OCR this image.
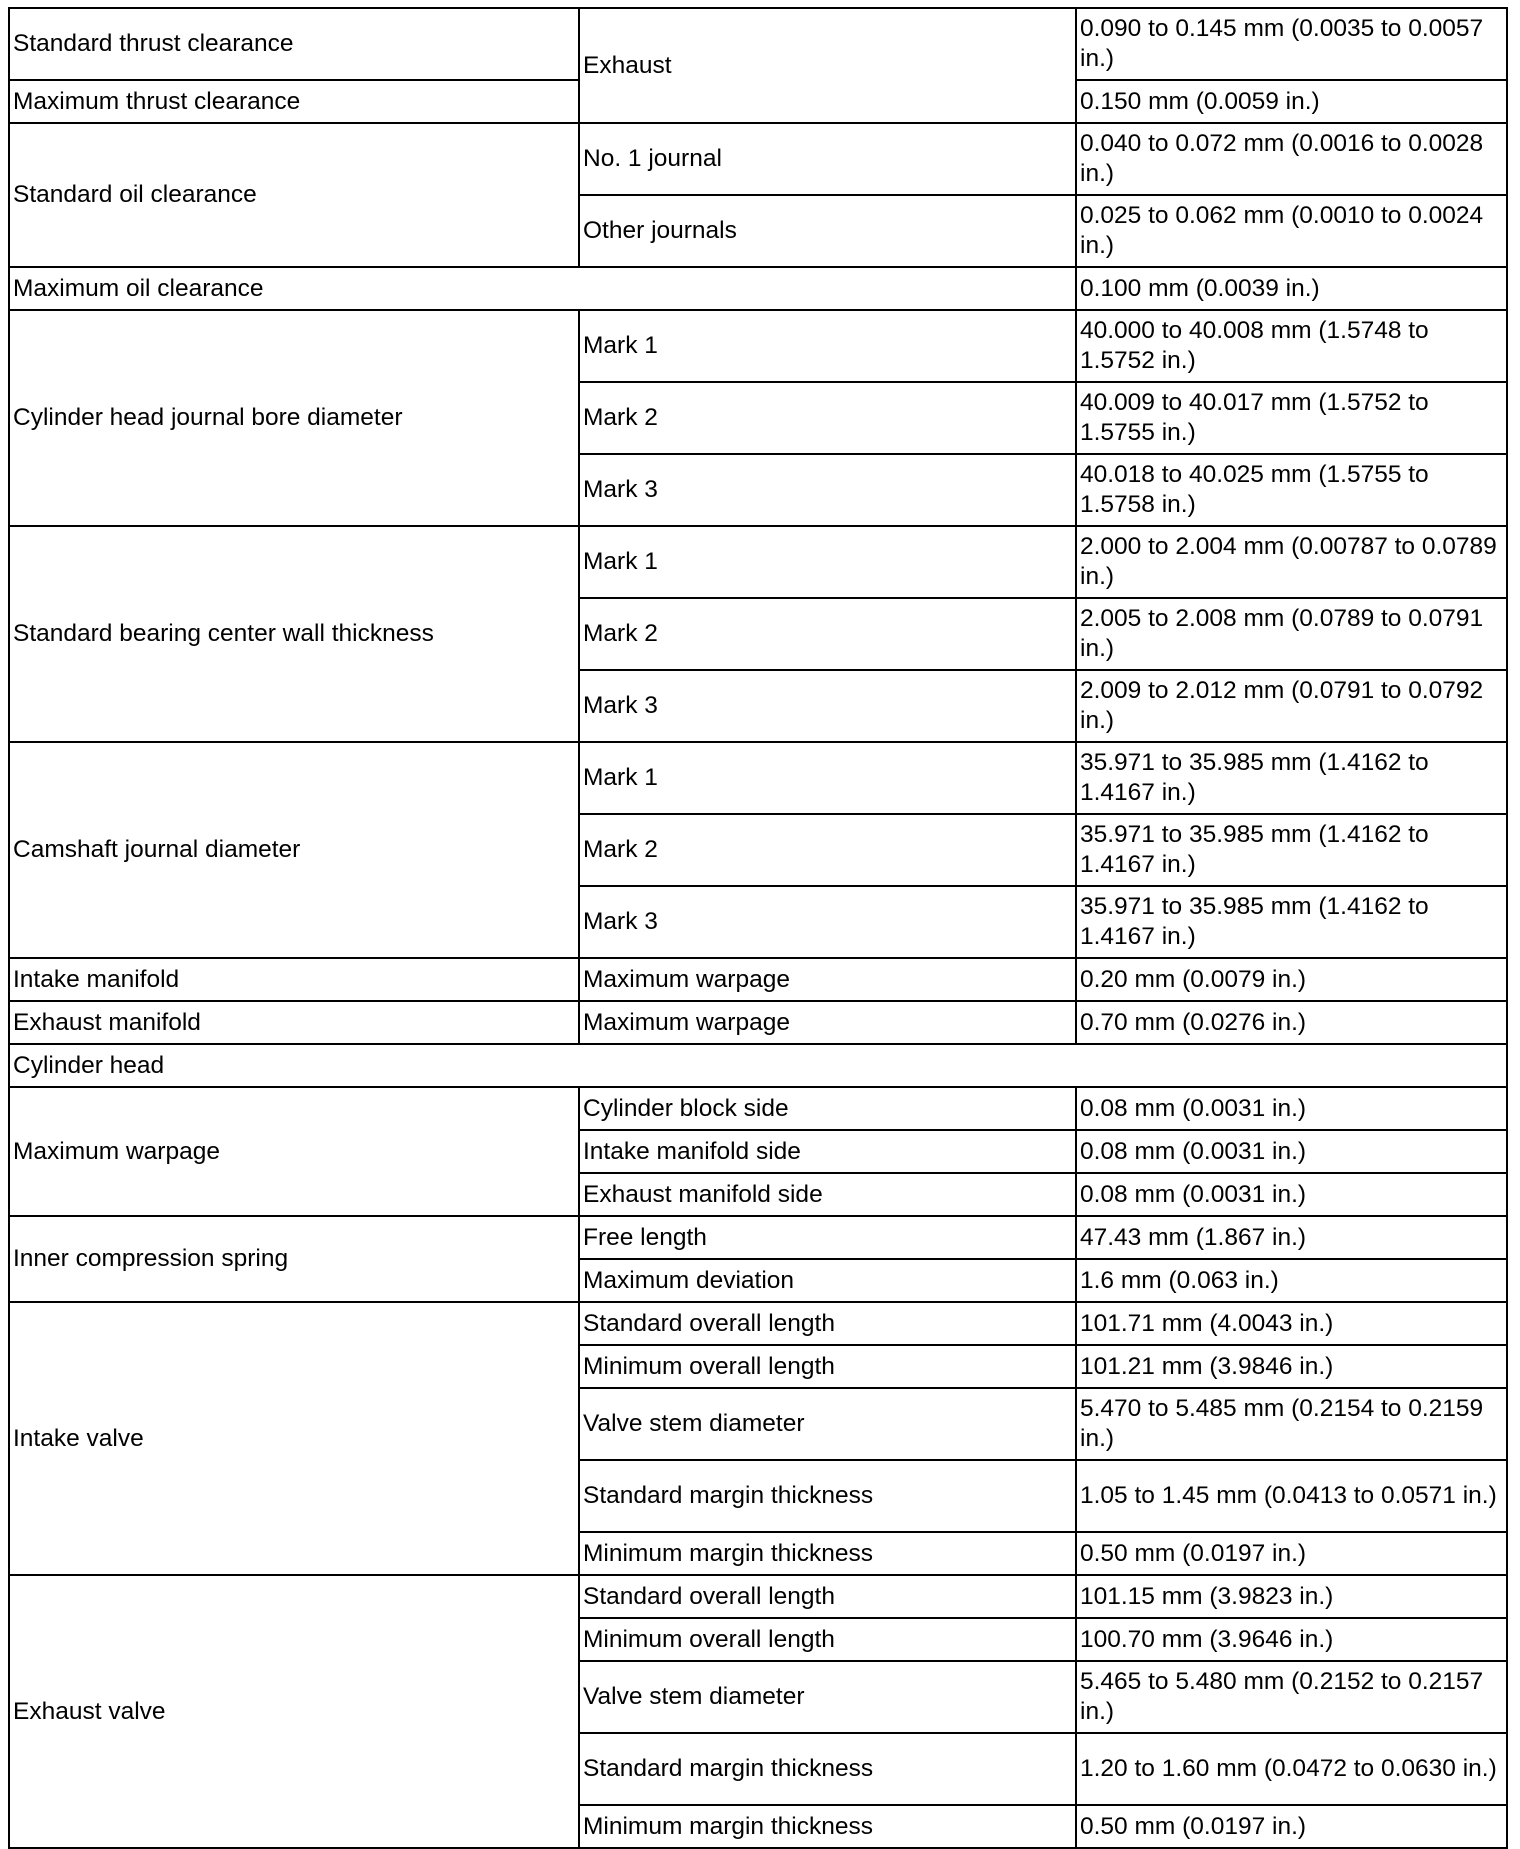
Standard thrust clearance	Exhaust	0.090 to 0.145 mm (0.0035 to 0.0057 in.)
Maximum thrust clearance		0.150 mm (0.0059 in.)
Standard oil clearance	No. 1 journal	0.040 to 0.072 mm (0.0016 to 0.0028 in.)
	Other journals	0.025 to 0.062 mm (0.0010 to 0.0024 in.)
Maximum oil clearance		0.100 mm (0.0039 in.)
Cylinder head journal bore diameter	Mark 1	40.000 to 40.008 mm (1.5748 to 1.5752 in.)
	Mark 2	40.009 to 40.017 mm (1.5752 to 1.5755 in.)
	Mark 3	40.018 to 40.025 mm (1.5755 to 1.5758 in.)
Standard bearing center wall thickness	Mark 1	2.000 to 2.004 mm (0.00787 to 0.0789 in.)
	Mark 2	2.005 to 2.008 mm (0.0789 to 0.0791 in.)
	Mark 3	2.009 to 2.012 mm (0.0791 to 0.0792 in.)
Camshaft journal diameter	Mark 1	35.971 to 35.985 mm (1.4162 to 1.4167 in.)
	Mark 2	35.971 to 35.985 mm (1.4162 to 1.4167 in.)
	Mark 3	35.971 to 35.985 mm (1.4162 to 1.4167 in.)
Intake manifold	Maximum warpage	0.20 mm (0.0079 in.)
Exhaust manifold	Maximum warpage	0.70 mm (0.0276 in.)
Cylinder head		
Maximum warpage	Cylinder block side	0.08 mm (0.0031 in.)
	Intake manifold side	0.08 mm (0.0031 in.)
	Exhaust manifold side	0.08 mm (0.0031 in.)
Inner compression spring	Free length	47.43 mm (1.867 in.)
	Maximum deviation	1.6 mm (0.063 in.)
Intake valve	Standard overall length	101.71 mm (4.0043 in.)
	Minimum overall length	101.21 mm (3.9846 in.)
	Valve stem diameter	5.470 to 5.485 mm (0.2154 to 0.2159 in.)
	Standard margin thickness	1.05 to 1.45 mm (0.0413 to 0.0571 in.)
	Minimum margin thickness	0.50 mm (0.0197 in.)
Exhaust valve	Standard overall length	101.15 mm (3.9823 in.)
	Minimum overall length	100.70 mm (3.9646 in.)
	Valve stem diameter	5.465 to 5.480 mm (0.2152 to 0.2157 in.)
	Standard margin thickness	1.20 to 1.60 mm (0.0472 to 0.0630 in.)
	Minimum margin thickness	0.50 mm (0.0197 in.)
